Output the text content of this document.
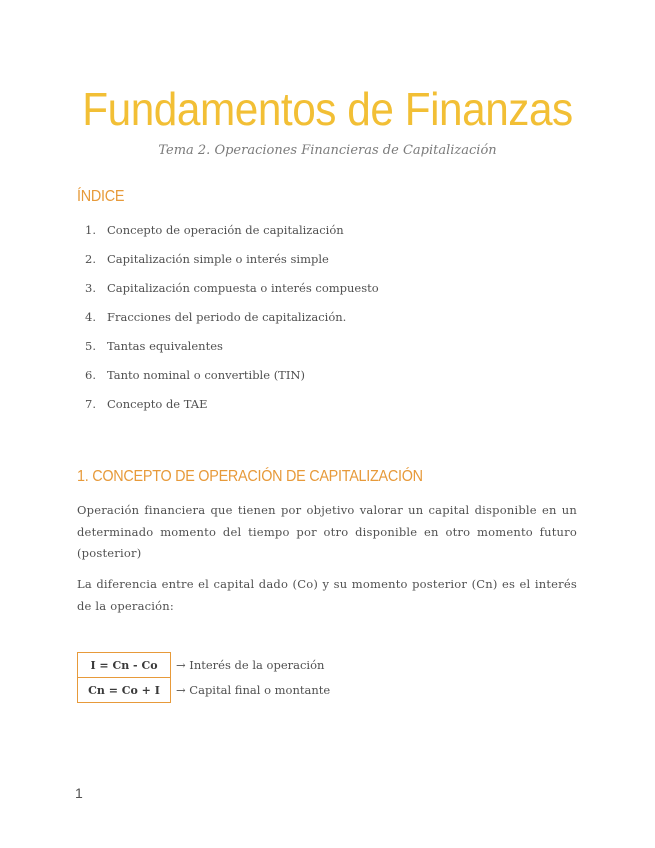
Fundamentos de Finanzas

Tema 2. Operaciones Financieras de Capitalización

ÍNDICE
1. Concepto de operación de capitalización
2. Capitalización simple o interés simple
3. Capitalización compuesta o interés compuesto
4. Fracciones del periodo de capitalización.
5. Tantas equivalentes
6. Tanto nominal o convertible (TIN)
7. Concepto de TAE
1. CONCEPTO DE OPERACIÓN DE CAPITALIZACIÓN

Operación financiera que tienen por objetivo valorar un capital disponible en un determinado momento del tiempo por otro disponible en otro momento futuro (posterior)

La diferencia entre el capital dado (Co) y su momento posterior (Cn) es el interés de la operación:

I = Cn - Co	→ Interés de la operación
Cn = Co + I	→ Capital final o montante
1
